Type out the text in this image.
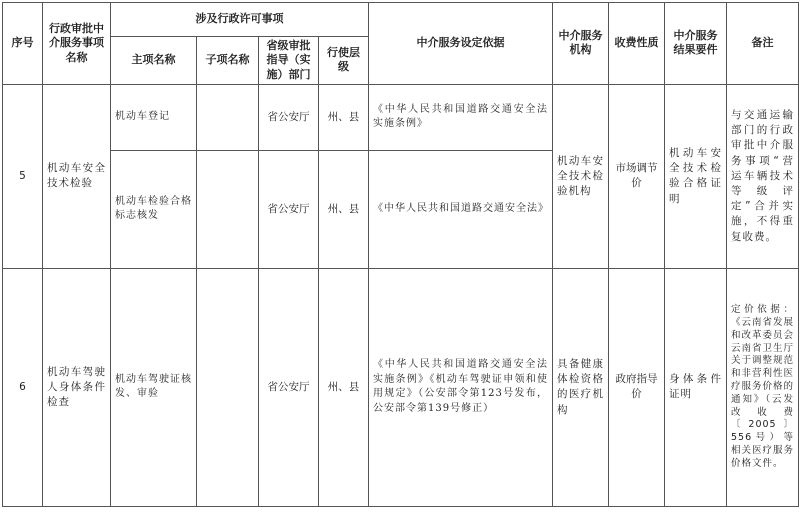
序号	行政审批中介服务事项名称	涉及行政许可事项				中介服务设定依据	中介服务机构	收费性质	中介服务结果要件	备注
		主项名称	子项名称	省级审批指导（实施）部门	行使层级					
5	机动车安全技术检验	机动车登记		省公安厅	州、县	《中华人民共和国道路交通安全法实施条例》	机动车安全技术检验机构	市场调节价	机动车安全技术检验合格证明	与交通运输部门的行政审批中介服务事项“营运车辆技术等级评定”合并实施，不得重复收费。
		机动车检验合格标志核发		省公安厅	州、县	《中华人民共和国道路交通安全法》				
6	机动车驾驶人身体条件检查	机动车驾驶证核发、审验		省公安厅	州、县	《中华人民共和国道路交通安全法实施条例》《机动车驾驶证申领和使用规定》（公安部令第123号发布，公安部令第139号修正）	具备健康体检资格的医疗机构	政府指导价	身体条件证明	定价依据：《云南省发展和改革委员会云南省卫生厅关于调整规范和非营利性医疗服务价格的通知》（云发改收费〔2005〕556号）等相关医疗服务价格文件。
